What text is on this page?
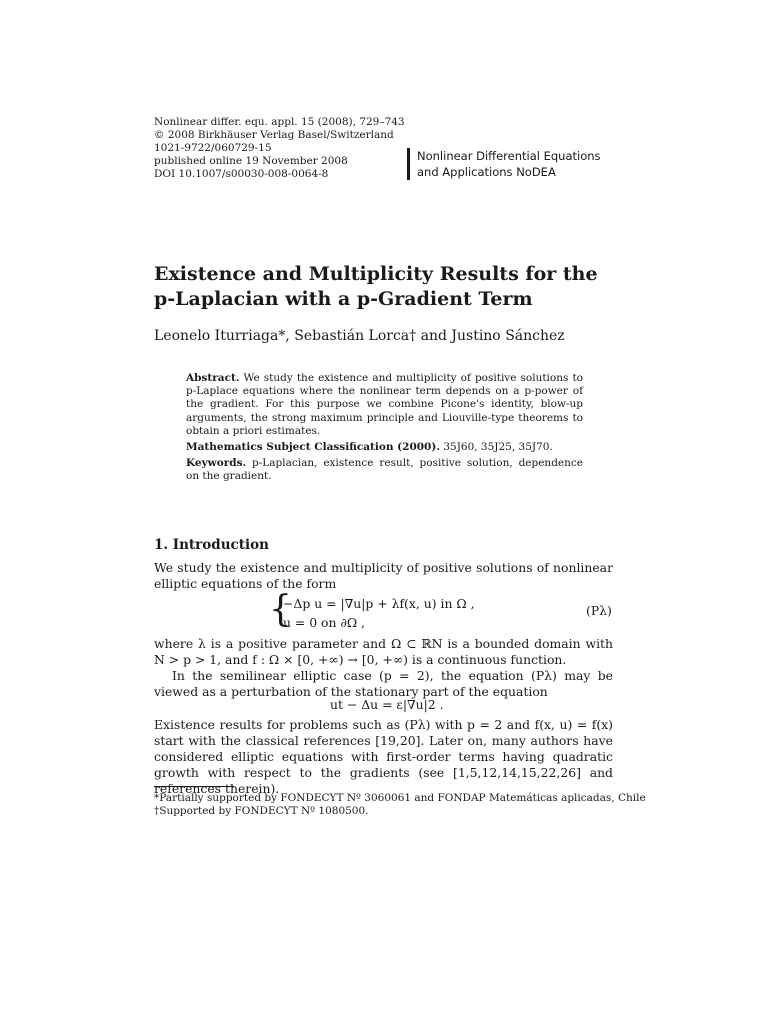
Nonlinear differ. equ. appl. 15 (2008), 729–743
© 2008 Birkhäuser Verlag Basel/Switzerland
1021-9722/060729-15
published online 19 November 2008
DOI 10.1007/s00030-008-0064-8
Nonlinear Differential Equations
and Applications NoDEA
Existence and Multiplicity Results for the
p-Laplacian with a p-Gradient Term
Leonelo Iturriaga*, Sebastián Lorca† and Justino Sánchez

Abstract. We study the existence and multiplicity of positive solutions to p-Laplace equations where the nonlinear term depends on a p-power of the gradient. For this purpose we combine Picone's identity, blow-up arguments, the strong maximum principle and Liouville-type theorems to obtain a priori estimates.

Mathematics Subject Classification (2000). 35J60, 35J25, 35J70.

Keywords. p-Laplacian, existence result, positive solution, dependence on the gradient.

1. Introduction
We study the existence and multiplicity of positive solutions of nonlinear elliptic equations of the form
{
−Δp u = |∇u|p + λf(x, u) in Ω ,
u = 0 on ∂Ω ,
(Pλ)
where λ is a positive parameter and Ω ⊂ ℝN is a bounded domain with N > p > 1, and f : Ω × [0, +∞) → [0, +∞) is a continuous function.
In the semilinear elliptic case (p = 2), the equation (Pλ) may be viewed as a perturbation of the stationary part of the equation
ut − Δu = ε|∇u|2 .
Existence results for problems such as (Pλ) with p = 2 and f(x, u) = f(x) start with the classical references [19,20]. Later on, many authors have considered elliptic equations with first-order terms having quadratic growth with respect to the gradients (see [1,5,12,14,15,22,26] and references therein).
*Partially supported by FONDECYT Nº 3060061 and FONDAP Matemáticas aplicadas, Chile
†Supported by FONDECYT Nº 1080500.
